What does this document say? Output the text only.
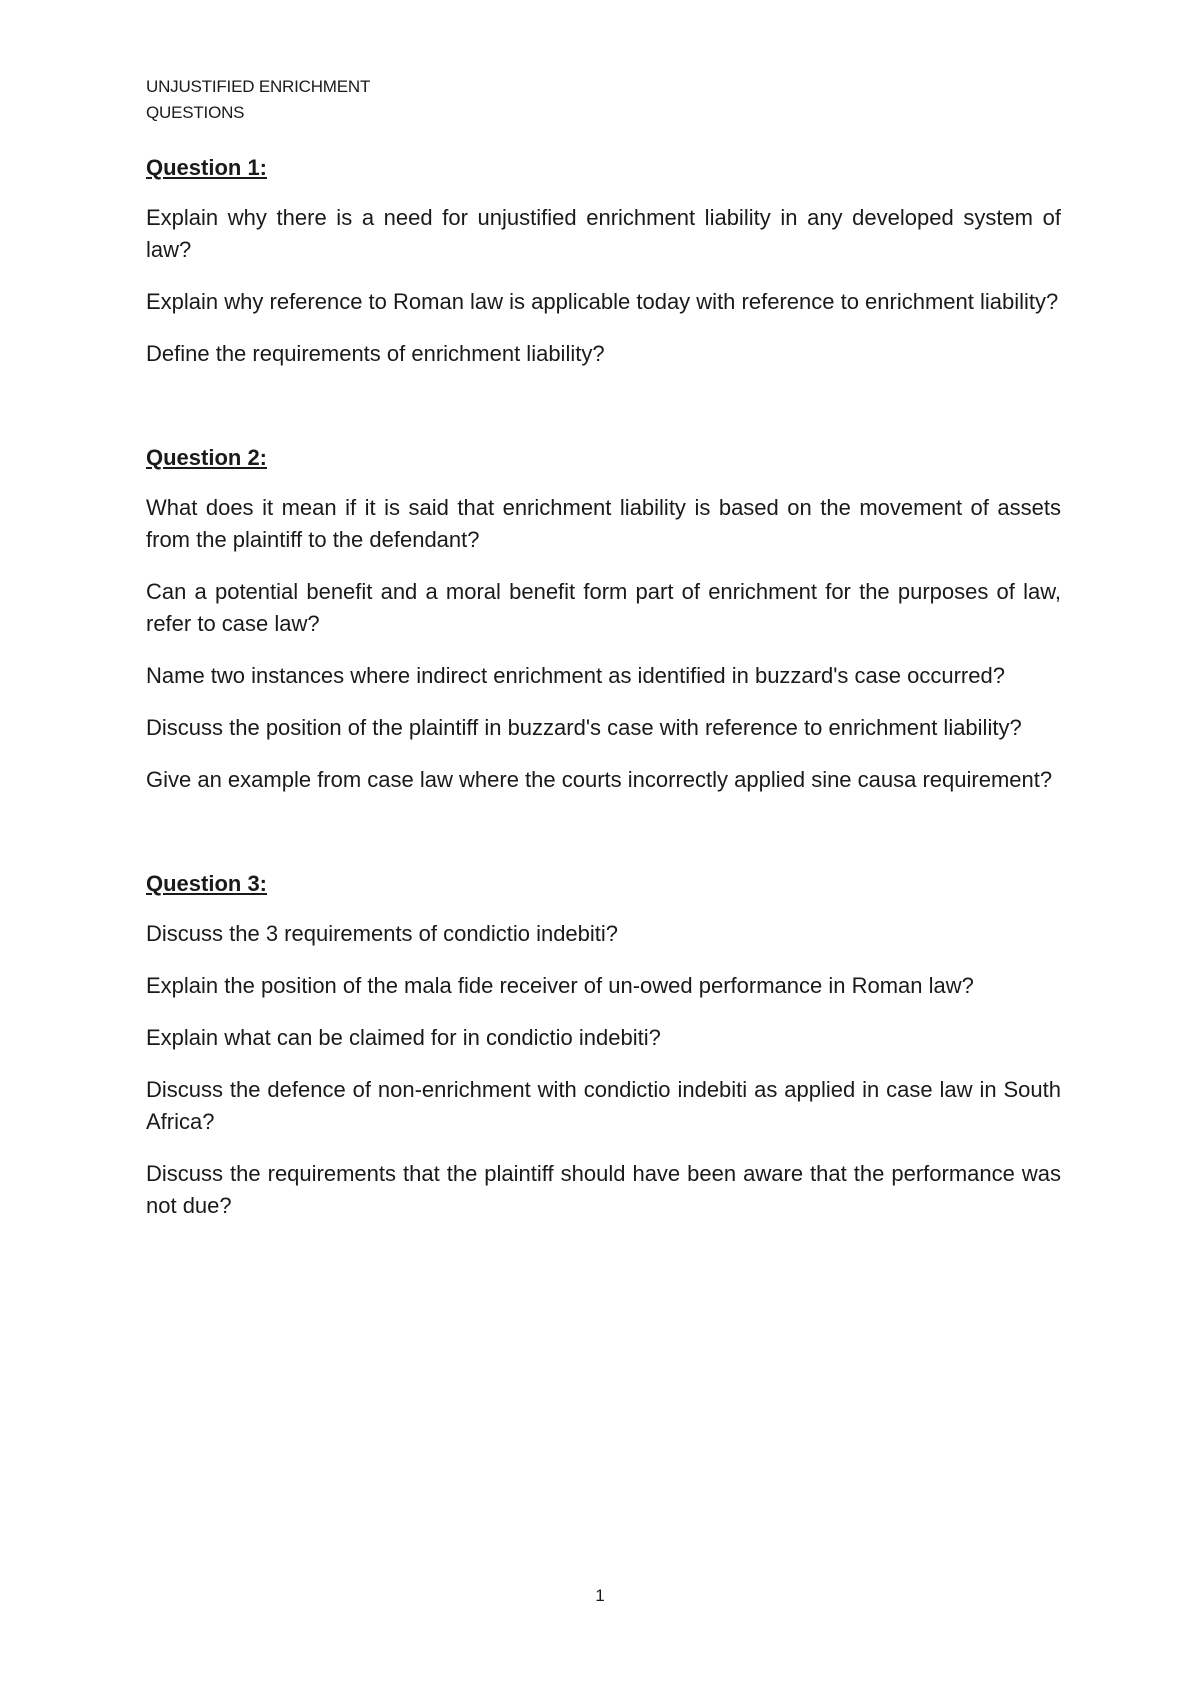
UNJUSTIFIED ENRICHMENT
QUESTIONS
Question 1:
Explain why there is a need for unjustified enrichment liability in any developed system of law?
Explain why reference to Roman law is applicable today with reference to enrichment liability?
Define the requirements of enrichment liability?
Question 2:
What does it mean if it is said that enrichment liability is based on the movement of assets from the plaintiff to the defendant?
Can a potential benefit and a moral benefit form part of enrichment for the purposes of law, refer to case law?
Name two instances where indirect enrichment as identified in buzzard's case occurred?
Discuss the position of the plaintiff in buzzard's case with reference to enrichment liability?
Give an example from case law where the courts incorrectly applied sine causa requirement?
Question 3:
Discuss the 3 requirements of condictio indebiti?
Explain the position of the mala fide receiver of un-owed performance in Roman law?
Explain what can be claimed for in condictio indebiti?
Discuss the defence of non-enrichment with condictio indebiti as applied in case law in South Africa?
Discuss the requirements that the plaintiff should have been aware that the performance was not due?
1
